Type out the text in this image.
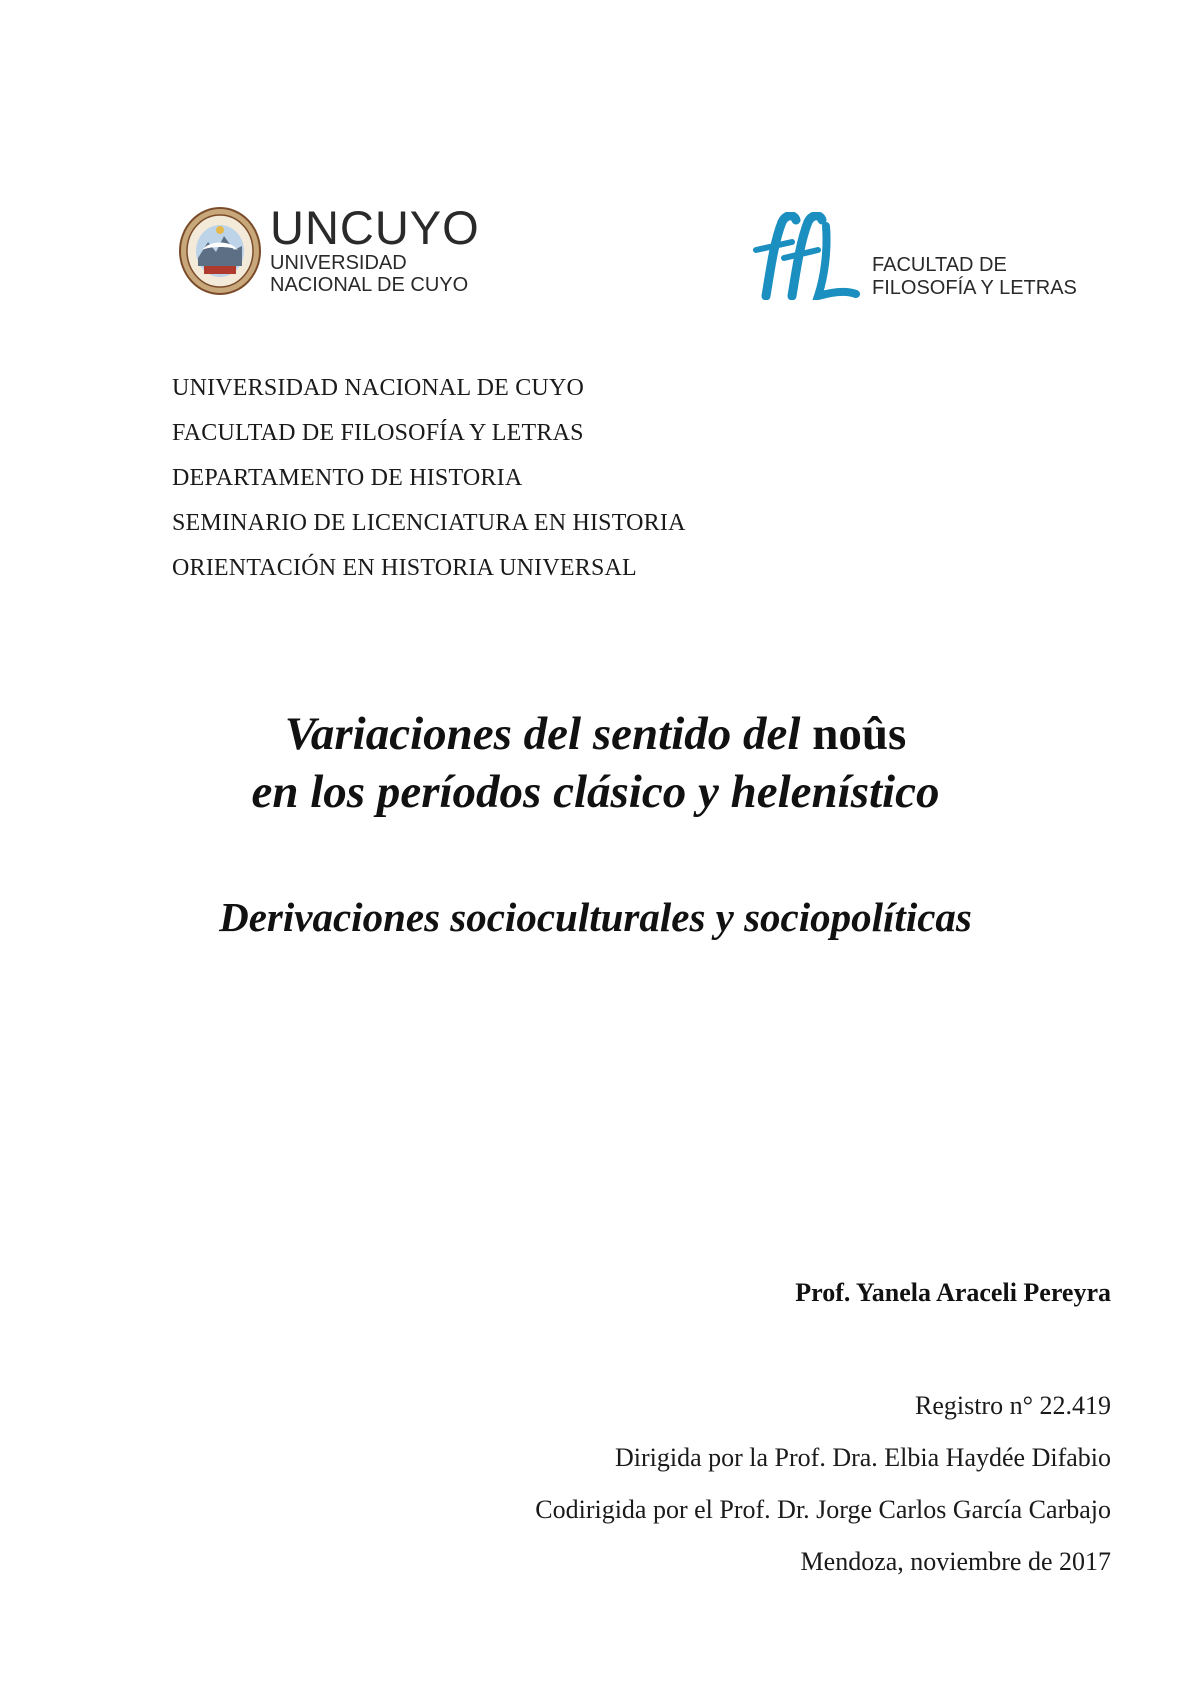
UNCUYO
UNIVERSIDAD
NACIONAL DE CUYO
FACULTAD DE
FILOSOFÍA Y LETRAS
UNIVERSIDAD NACIONAL DE CUYO
FACULTAD DE FILOSOFÍA Y LETRAS
DEPARTAMENTO DE HISTORIA
SEMINARIO DE LICENCIATURA EN HISTORIA
ORIENTACIÓN EN HISTORIA UNIVERSAL
Variaciones del sentido del noûs
en los períodos clásico y helenístico
Derivaciones socioculturales y sociopolíticas
Prof. Yanela Araceli Pereyra
Registro n° 22.419
Dirigida por la Prof. Dra. Elbia Haydée Difabio
Codirigida por el Prof. Dr. Jorge Carlos García Carbajo
Mendoza, noviembre de 2017
